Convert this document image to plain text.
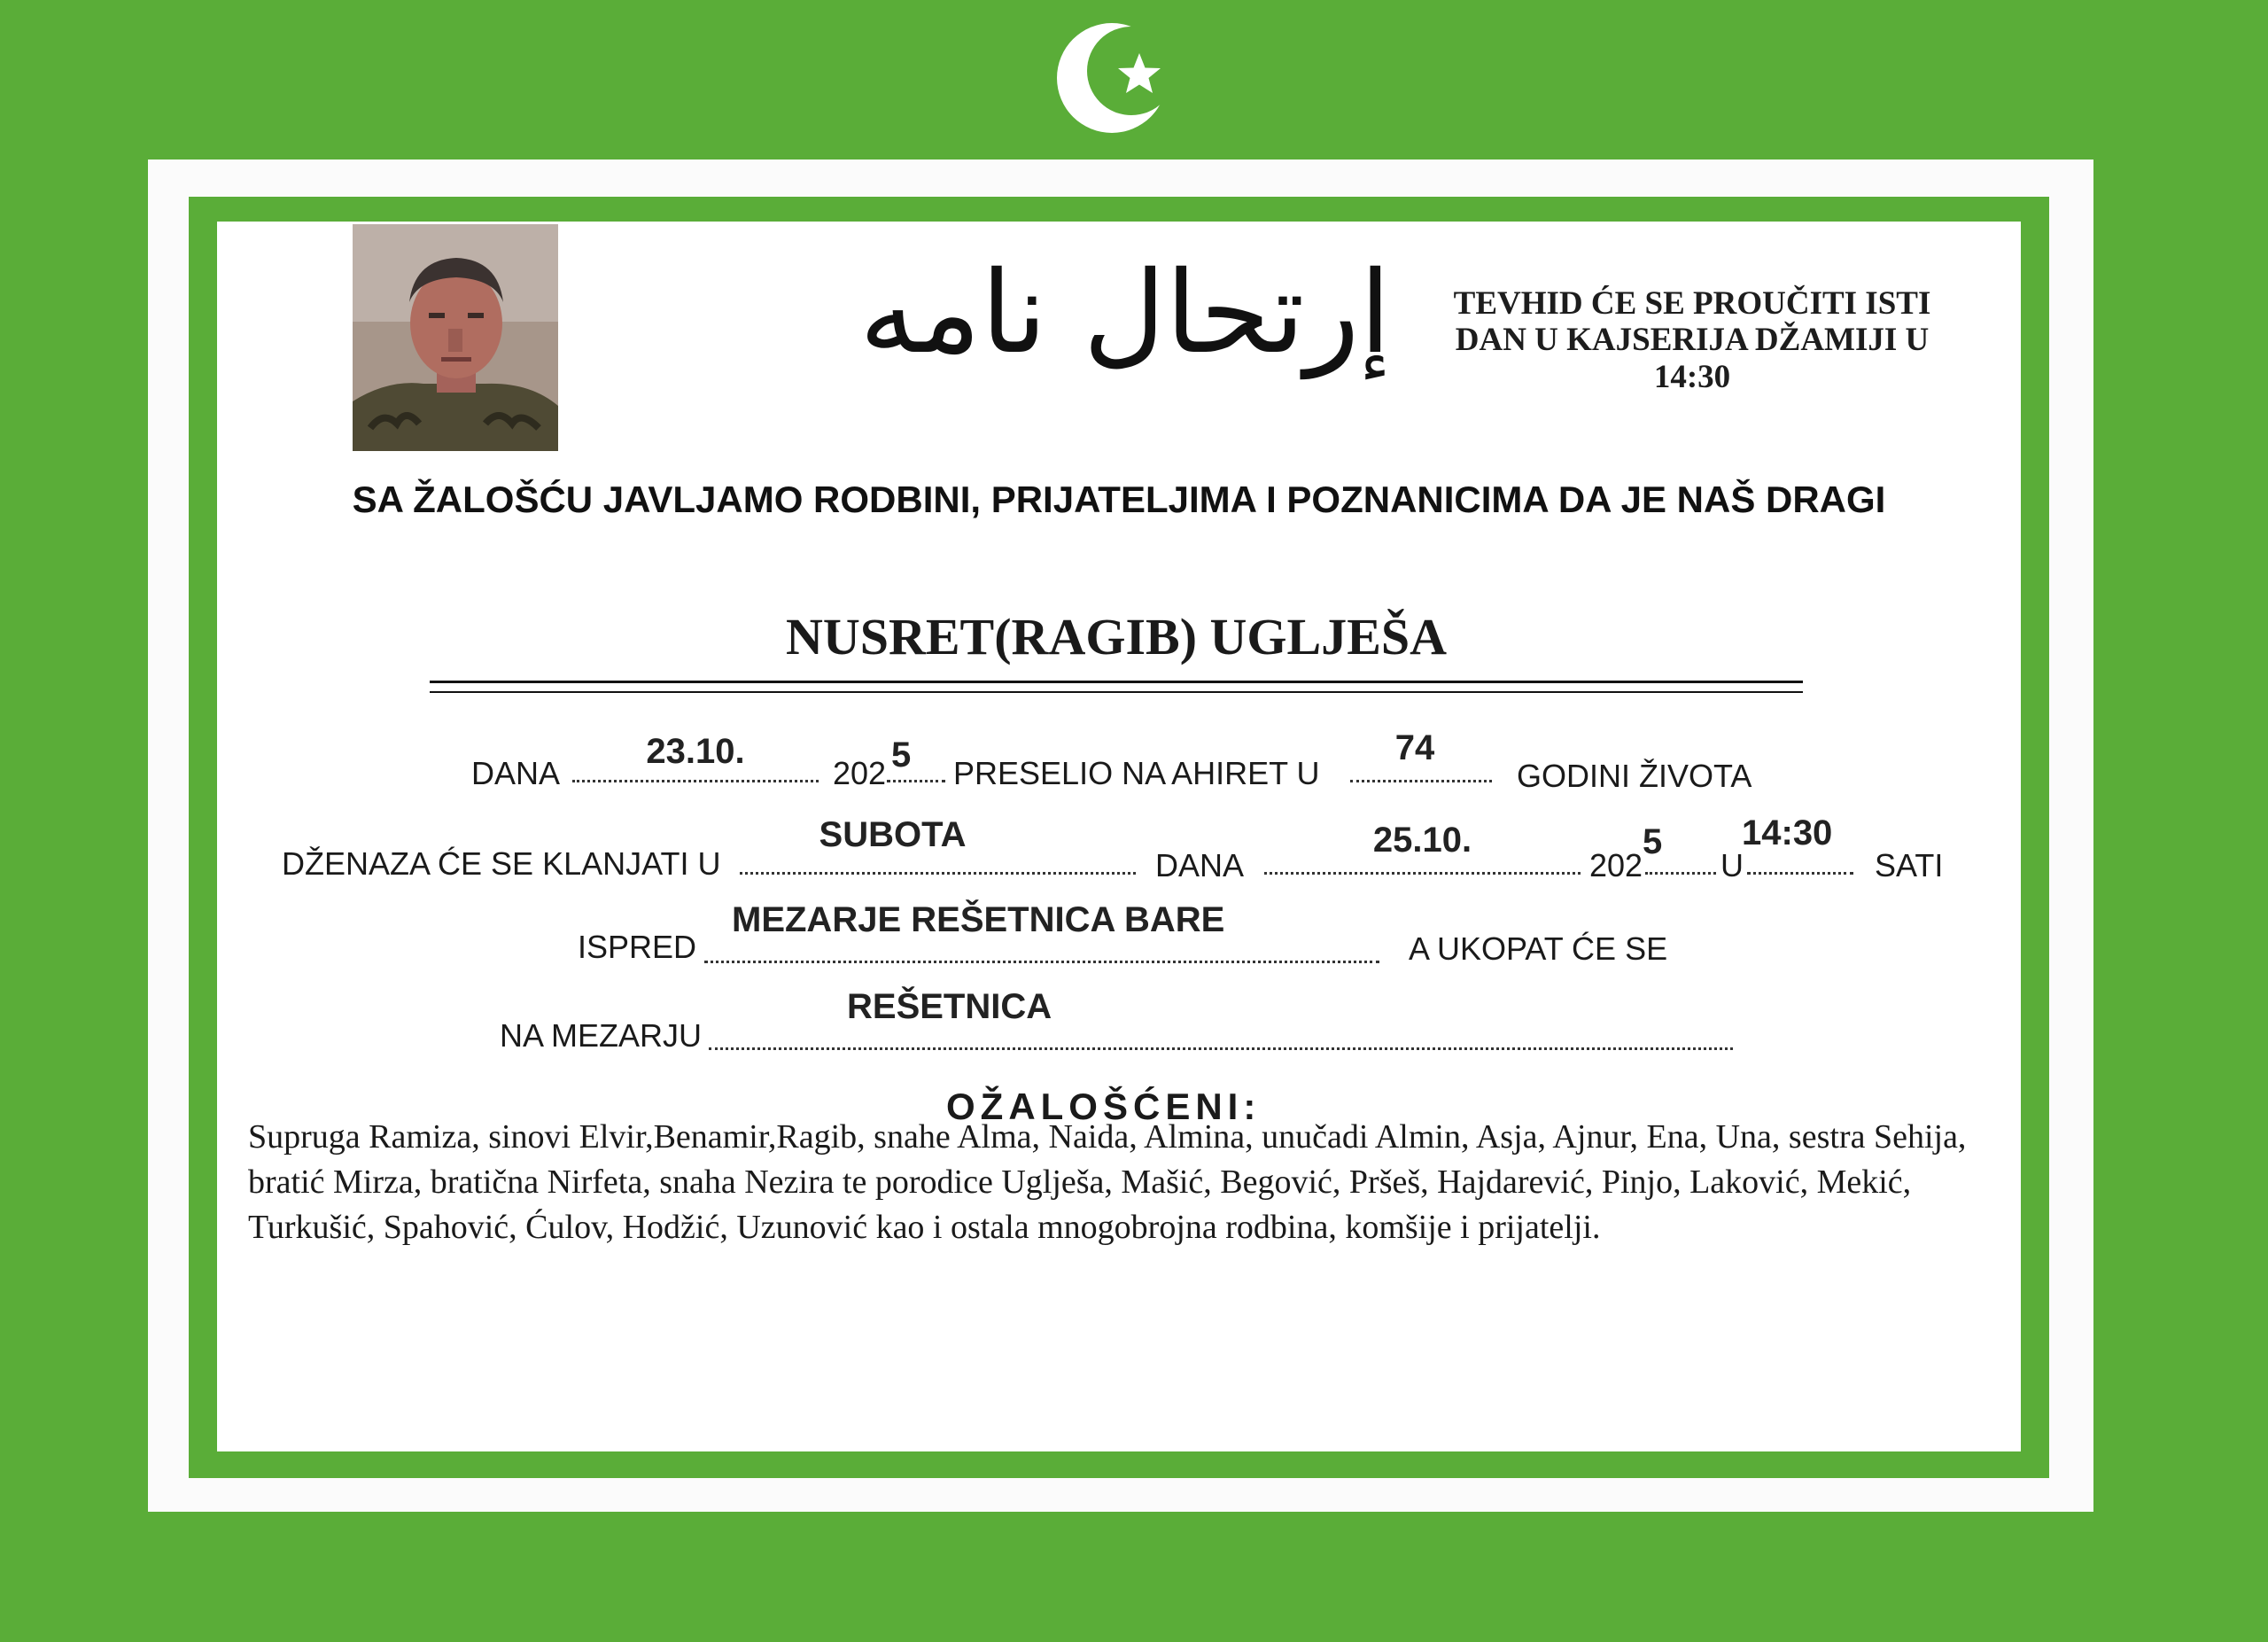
إرتحال نامه	TEVHID ĆE SE PROUČITI ISTI
DAN U KAJSERIJA DŽAMIJI U
14:30
SA ŽALOŠĆU JAVLJAMO RODBINI, PRIJATELJIMA I POZNANICIMA DA JE NAŠ DRAGI
NUSRET(RAGIB) UGLJEŠA
DANA
23.10.
202 5 PRESELIO NA AHIRET U
74
GODINI ŽIVOTA
DŽENAZA ĆE SE KLANJATI U
SUBOTA
DANA
25.10.
202
5
U
14:30
SATI
ISPRED
MEZARJE REŠETNICA BARE
A UKOPAT ĆE SE
NA MEZARJU
REŠETNICA
OŽALOŠĆENI:
Supruga Ramiza, sinovi Elvir,Benamir,Ragib, snahe Alma, Naida, Almina, unučadi Almin, Asja, Ajnur, Ena, Una, sestra Sehija, bratić Mirza, bratična Nirfeta, snaha Nezira te porodice Uglješa, Mašić, Begović, Pršeš, Hajdarević, Pinjo, Laković, Mekić, Turkušić, Spahović, Ćulov, Hodžić, Uzunović kao i ostala mnogobrojna rodbina, komšije i prijatelji.
